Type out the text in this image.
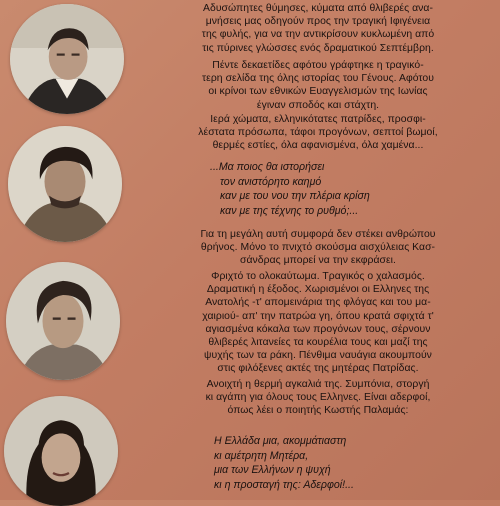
Αδυσώπητες θύμησες, κύματα από θλιβερές ανα-

μνήσεις μας οδηγούν προς την τραγική Ιφιγένεια

της φυλής, για να την αντικρίσουν κυκλωμένη από

τις πύρινες γλώσσες ενός δραματικού Σεπτέμβρη.

Πέντε δεκαετίδες αφότου γράφτηκε η τραγικό-

τερη σελίδα της όλης ιστορίας του Γένους. Αφότου

οι κρίνοι των εθνικών Ευαγγελισμών της Ιωνίας

έγιναν σποδός και στάχτη.

Ιερά χώματα, ελληνικότατες πατρίδες, προσφι-

λέστατα πρόσωπα, τάφοι προγόνων, σεπτοί βωμοί,

θερμές εστίες, όλα αφανισμένα, όλα χαμένα...

...Μα ποιος θα ιστορήσει

τον ανιστόρητο καημό

καν με του νου την πλέρια κρίση

καν με της τέχνης το ρυθμό;...

Για τη μεγάλη αυτή συμφορά δεν στέκει ανθρώπου

θρήνος. Μόνο το πνιχτό σκούσμα αισχύλειας Κασ-

σάνδρας μπορεί να την εκφράσει.

Φριχτό το ολοκαύτωμα. Τραγικός ο χαλασμός.

Δραματική η έξοδος. Χωρισμένοι οι Ελληνες της

Ανατολής -τ' απομεινάρια της φλόγας και του μα-

χαιριού- απ' την πατρώα γη, όπου κρατά σφιχτά τ'

αγιασμένα κόκαλα των προγόνων τους, σέρνουν

θλιβερές λιτανείες τα κουρέλια τους και μαζί της

ψυχής των τα ράκη. Πένθιμα ναυάγια ακουμπούν

στις φιλόξενες ακτές της μητέρας Πατρίδας.

Ανοιχτή η θερμή αγκαλιά της. Συμπόνια, στοργή

κι αγάπη για όλους τους Ελληνες. Είναι αδερφοί,

όπως λέει ο ποιητής Κωστής Παλαμάς:

Η Ελλάδα μια, ακομμάτιαστη

κι αμέτρητη Μητέρα,

μια των Ελλήνων η ψυχή

κι η προσταγή της: Αδερφοί!...
